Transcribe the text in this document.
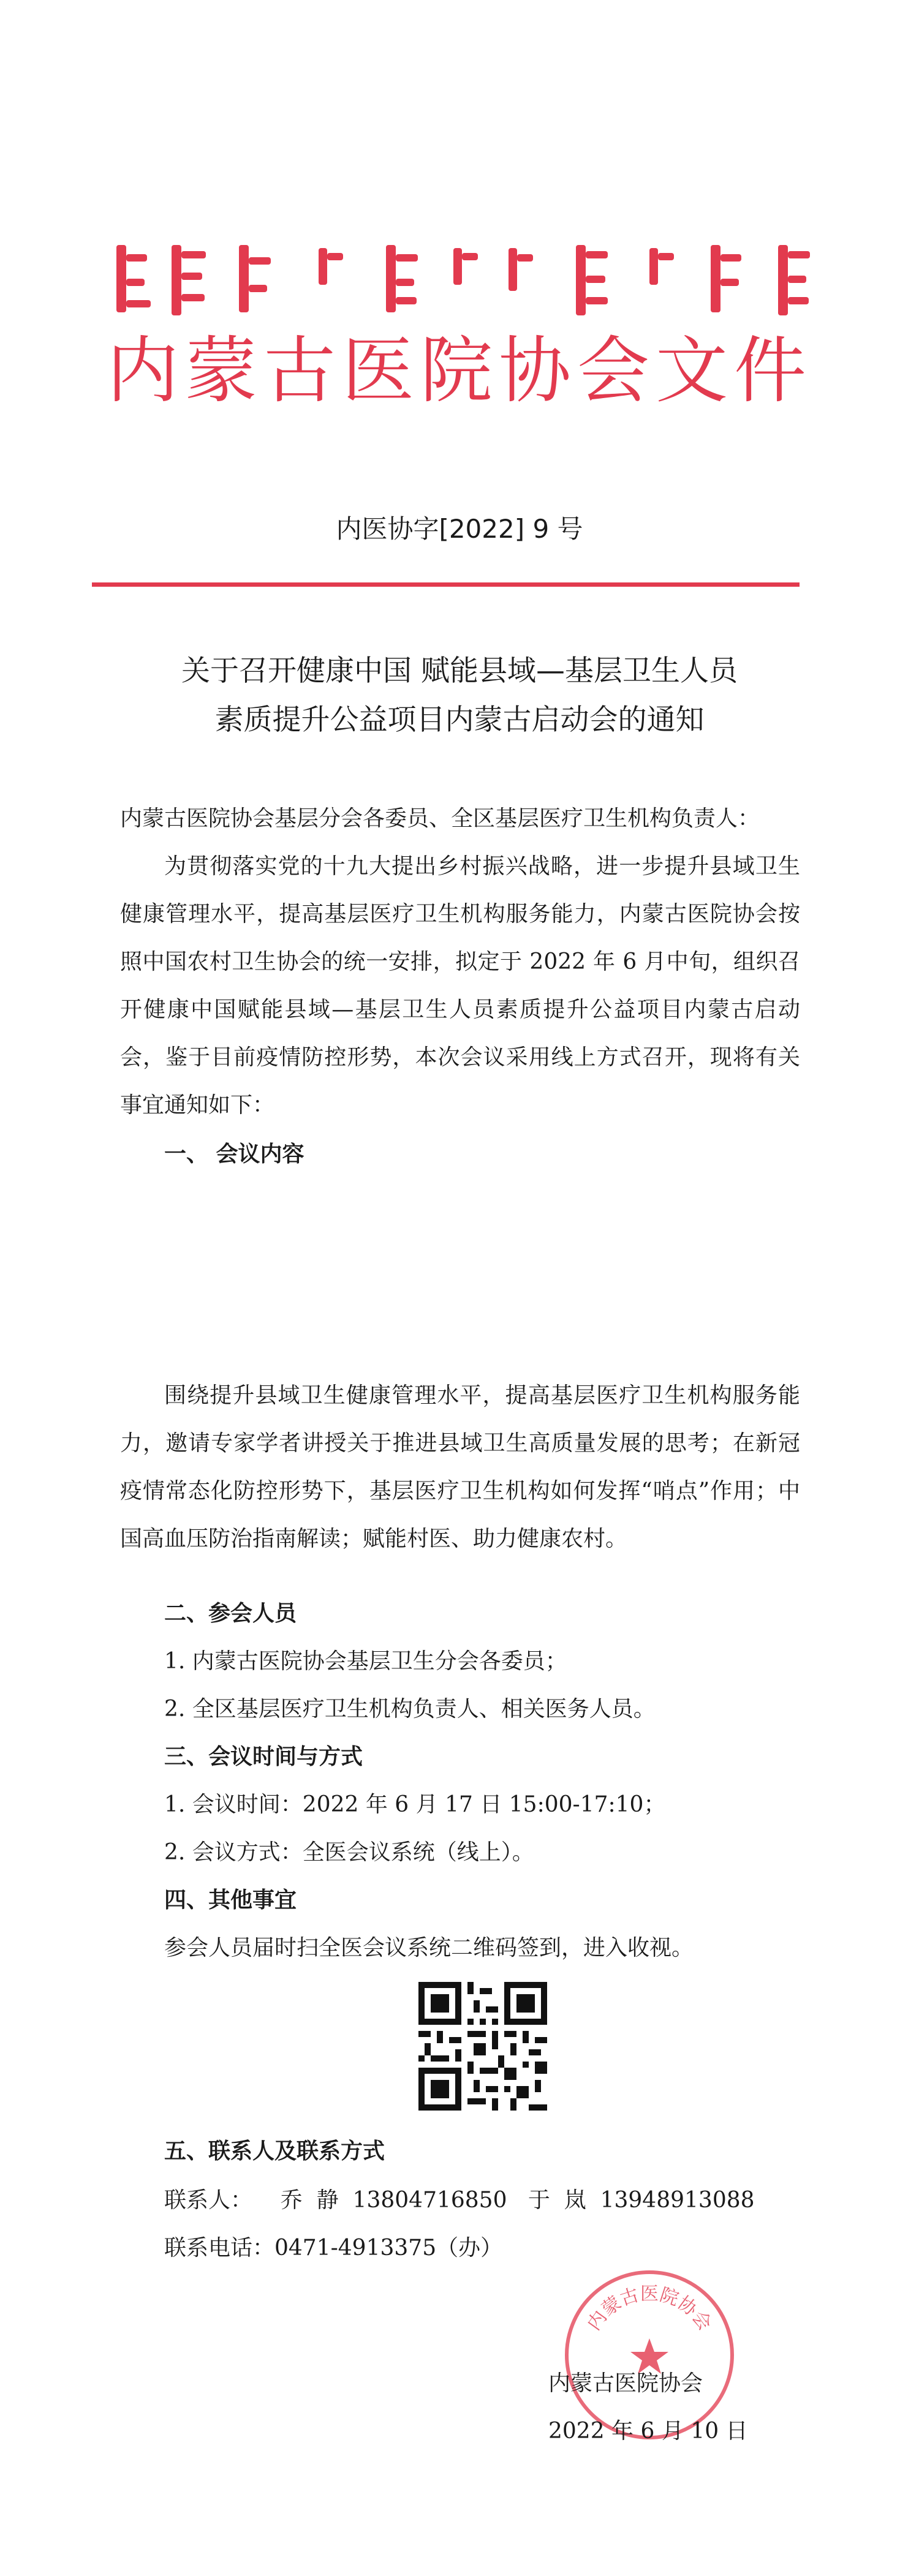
内蒙古医院协会文件
内医协字[2022] 9 号
关于召开健康中国 赋能县域—基层卫生人员
素质提升公益项目内蒙古启动会的通知
内蒙古医院协会基层分会各委员、全区基层医疗卫生机构负责人：

为贯彻落实党的十九大提出乡村振兴战略，进一步提升县域卫生健康管理水平，提高基层医疗卫生机构服务能力，内蒙古医院协会按照中国农村卫生协会的统一安排，拟定于 2022 年 6 月中旬，组织召开健康中国赋能县域—基层卫生人员素质提升公益项目内蒙古启动会，鉴于目前疫情防控形势，本次会议采用线上方式召开，现将有关事宜通知如下：

一、 会议内容

围绕提升县域卫生健康管理水平，提高基层医疗卫生机构服务能力，邀请专家学者讲授关于推进县域卫生高质量发展的思考；在新冠疫情常态化防控形势下，基层医疗卫生机构如何发挥“哨点”作用；中国高血压防治指南解读；赋能村医、助力健康农村。

二、参会人员
1. 内蒙古医院协会基层卫生分会各委员；
2. 全区基层医疗卫生机构负责人、相关医务人员。
三、会议时间与方式
1. 会议时间：2022 年 6 月 17 日 15:00-17:10；
2. 会议方式：全医会议系统（线上）。
四、其他事宜
参会人员届时扫全医会议系统二维码签到，进入收视。
五、联系人及联系方式
联系人：    乔  静  13804716850   于  岚  13948913088
联系电话：0471-4913375（办）
内蒙古医院协会
内蒙古医院协会
2022 年 6 月 10 日
